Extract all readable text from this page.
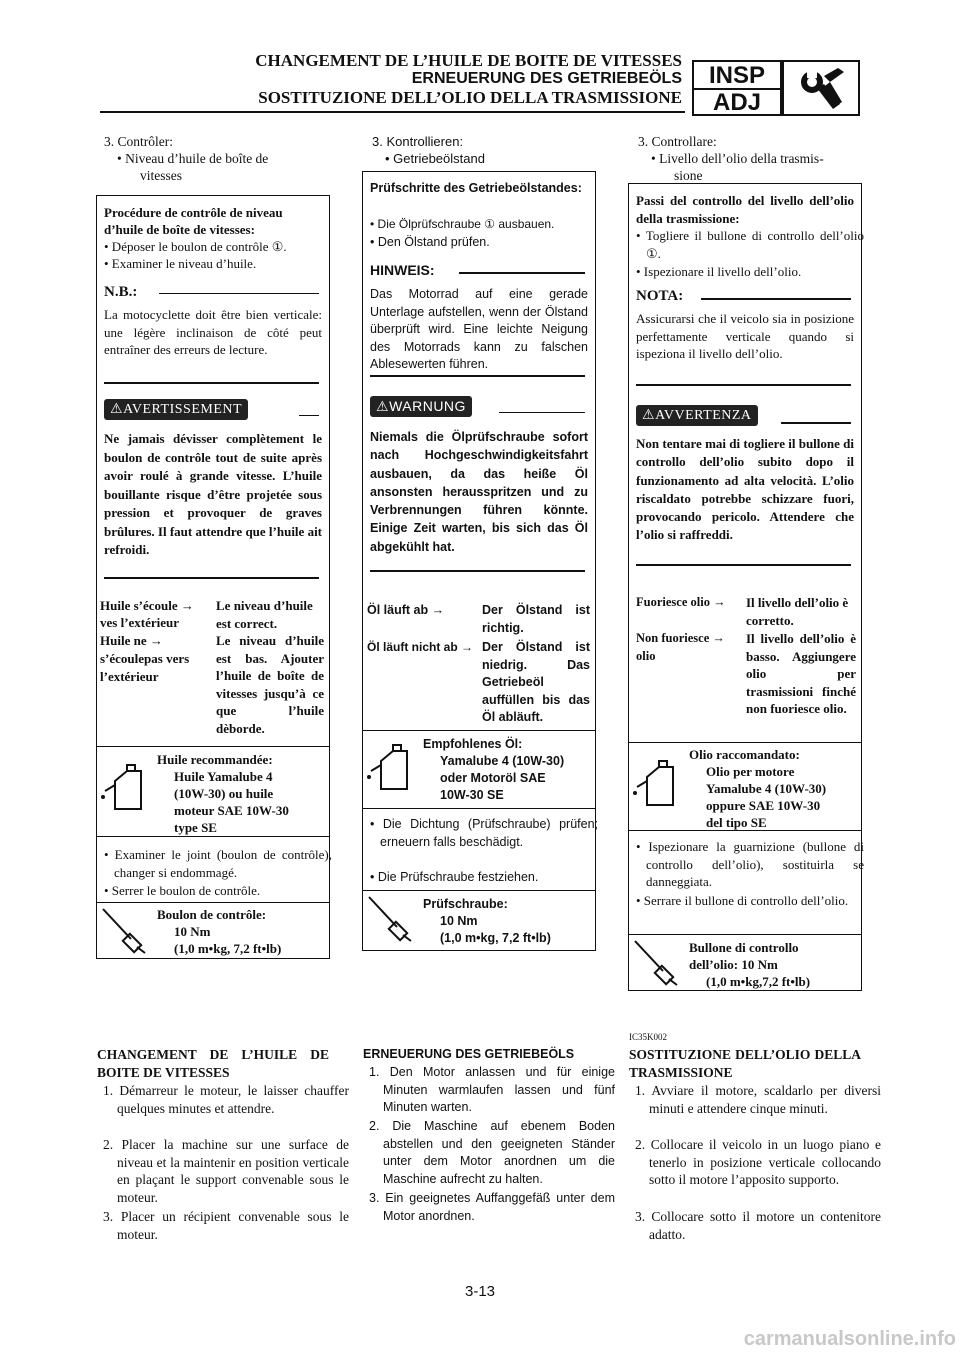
CHANGEMENT DE L’HUILE DE BOITE DE VITESSES
ERNEUERUNG DES GETRIEBEÖLS
SOSTITUZIONE DELL’OLIO DELLA TRASMISSIONE
INSP
ADJ
3. Contrôler:
• Niveau d’huile de boîte de
vitesses
Procédure de contrôle de niveau
d’huile de boîte de vitesses:
• Déposer le boulon de contrôle ①.
• Examiner le niveau d’huile.
N.B.:
La motocyclette doit être bien verticale: une légère inclinaison de côté peut entraîner des erreurs de lecture.
⚠AVERTISSEMENT
Ne jamais dévisser complètement le boulon de contrôle tout de suite après avoir roulé à grande vitesse. L’huile bouillante risque d’être projetée sous pression et provoquer de graves brûlures. Il faut attendre que l’huile ait refroidi.
Huile s’écoule →
ves l’extérieur
Le niveau d’huile est correct.
Huile ne →
s’écoulepas vers
l’extérieur
Le niveau d’huile est bas. Ajouter l’huile de boîte de vitesses jusqu’à ce que l’huile dèborde.
Huile recommandée:
Huile Yamalube 4
(10W-30) ou huile
moteur SAE 10W-30
type SE
• Examiner le joint (boulon de contrôle), changer si endommagé.
• Serrer le boulon de contrôle.
Boulon de contrôle:
10 Nm
(1,0 m•kg, 7,2 ft•lb)
CHANGEMENT DE L’HUILE DE BOITE DE VITESSES
1. Démarreur le moteur, le laisser chauffer quelques minutes et attendre.
2. Placer la machine sur une surface de niveau et la maintenir en position verticale en plaçant le support convenable sous le moteur.
3. Placer un récipient convenable sous le moteur.
3. Kontrollieren:
• Getriebeölstand
Prüfschritte des Getriebeölstandes:
• Die Ölprüfschraube ① ausbauen.
• Den Ölstand prüfen.
HINWEIS:
Das Motorrad auf eine gerade Unterlage aufstellen, wenn der Ölstand überprüft wird. Eine leichte Neigung des Motorrads kann zu falschen Ablesewerten führen.
⚠WARNUNG
Niemals die Ölprüfschraube sofort nach Hochgeschwindigkeitsfahrt ausbauen, da das heiße Öl ansonsten herausspritzen und zu Verbrennungen führen könnte. Einige Zeit warten, bis sich das Öl abgekühlt hat.
Öl läuft ab →	Der Ölstand ist richtig.
Öl läuft nicht ab → Der Ölstand ist niedrig. Das Getriebeöl auffüllen bis das Öl abläuft.
Empfohlenes Öl:
Yamalube 4 (10W-30)
oder Motoröl SAE
10W-30 SE
• Die Dichtung (Prüfschraube) prüfen; erneuern falls beschädigt.
• Die Prüfschraube festziehen.
Prüfschraube:
10 Nm
(1,0 m•kg, 7,2 ft•lb)
ERNEUERUNG DES GETRIEBEÖLS
1. Den Motor anlassen und für einige Minuten warmlaufen lassen und fünf Minuten warten.
2. Die Maschine auf ebenem Boden abstellen und den geeigneten Ständer unter dem Motor anordnen um die Maschine aufrecht zu halten.
3. Ein geeignetes Auffanggefäß unter dem Motor anordnen.
3. Controllare:
• Livello dell’olio della trasmis-
sione
Passi del controllo del livello dell’olio della trasmissione:
• Togliere il bullone di controllo dell’olio ①.
• Ispezionare il livello dell’olio.
NOTA:
Assicurarsi che il veicolo sia in posizione perfettamente verticale quando si ispeziona il livello dell’olio.
⚠AVVERTENZA
Non tentare mai di togliere il bullone di controllo dell’olio subito dopo il funzionamento ad alta velocità. L’olio riscaldato potrebbe schizzare fuori, provocando pericolo. Attendere che l’olio si raffreddi.
Fuoriesce olio →	Il livello dell’olio è corretto.
Non fuoriesce →
olio
Il livello dell’olio è basso. Aggiungere olio per trasmissioni finché non fuoriesce olio.
Olio raccomandato:
Olio per motore
Yamalube 4 (10W-30)
oppure SAE 10W-30
del tipo SE
• Ispezionare la guarnizione (bullone di controllo dell’olio), sostituirla se danneggiata.
• Serrare il bullone di controllo dell’olio.
Bullone di controllo
dell’olio: 10 Nm
(1,0 m•kg,7,2 ft•lb)
IC35K002
SOSTITUZIONE DELL’OLIO DELLA TRASMISSIONE
1. Avviare il motore, scaldarlo per diversi minuti e attendere cinque minuti.
2. Collocare il veicolo in un luogo piano e tenerlo in posizione verticale collocando sotto il motore l’apposito supporto.
3. Collocare sotto il motore un contenitore adatto.
3-13
carmanualsonline.info
